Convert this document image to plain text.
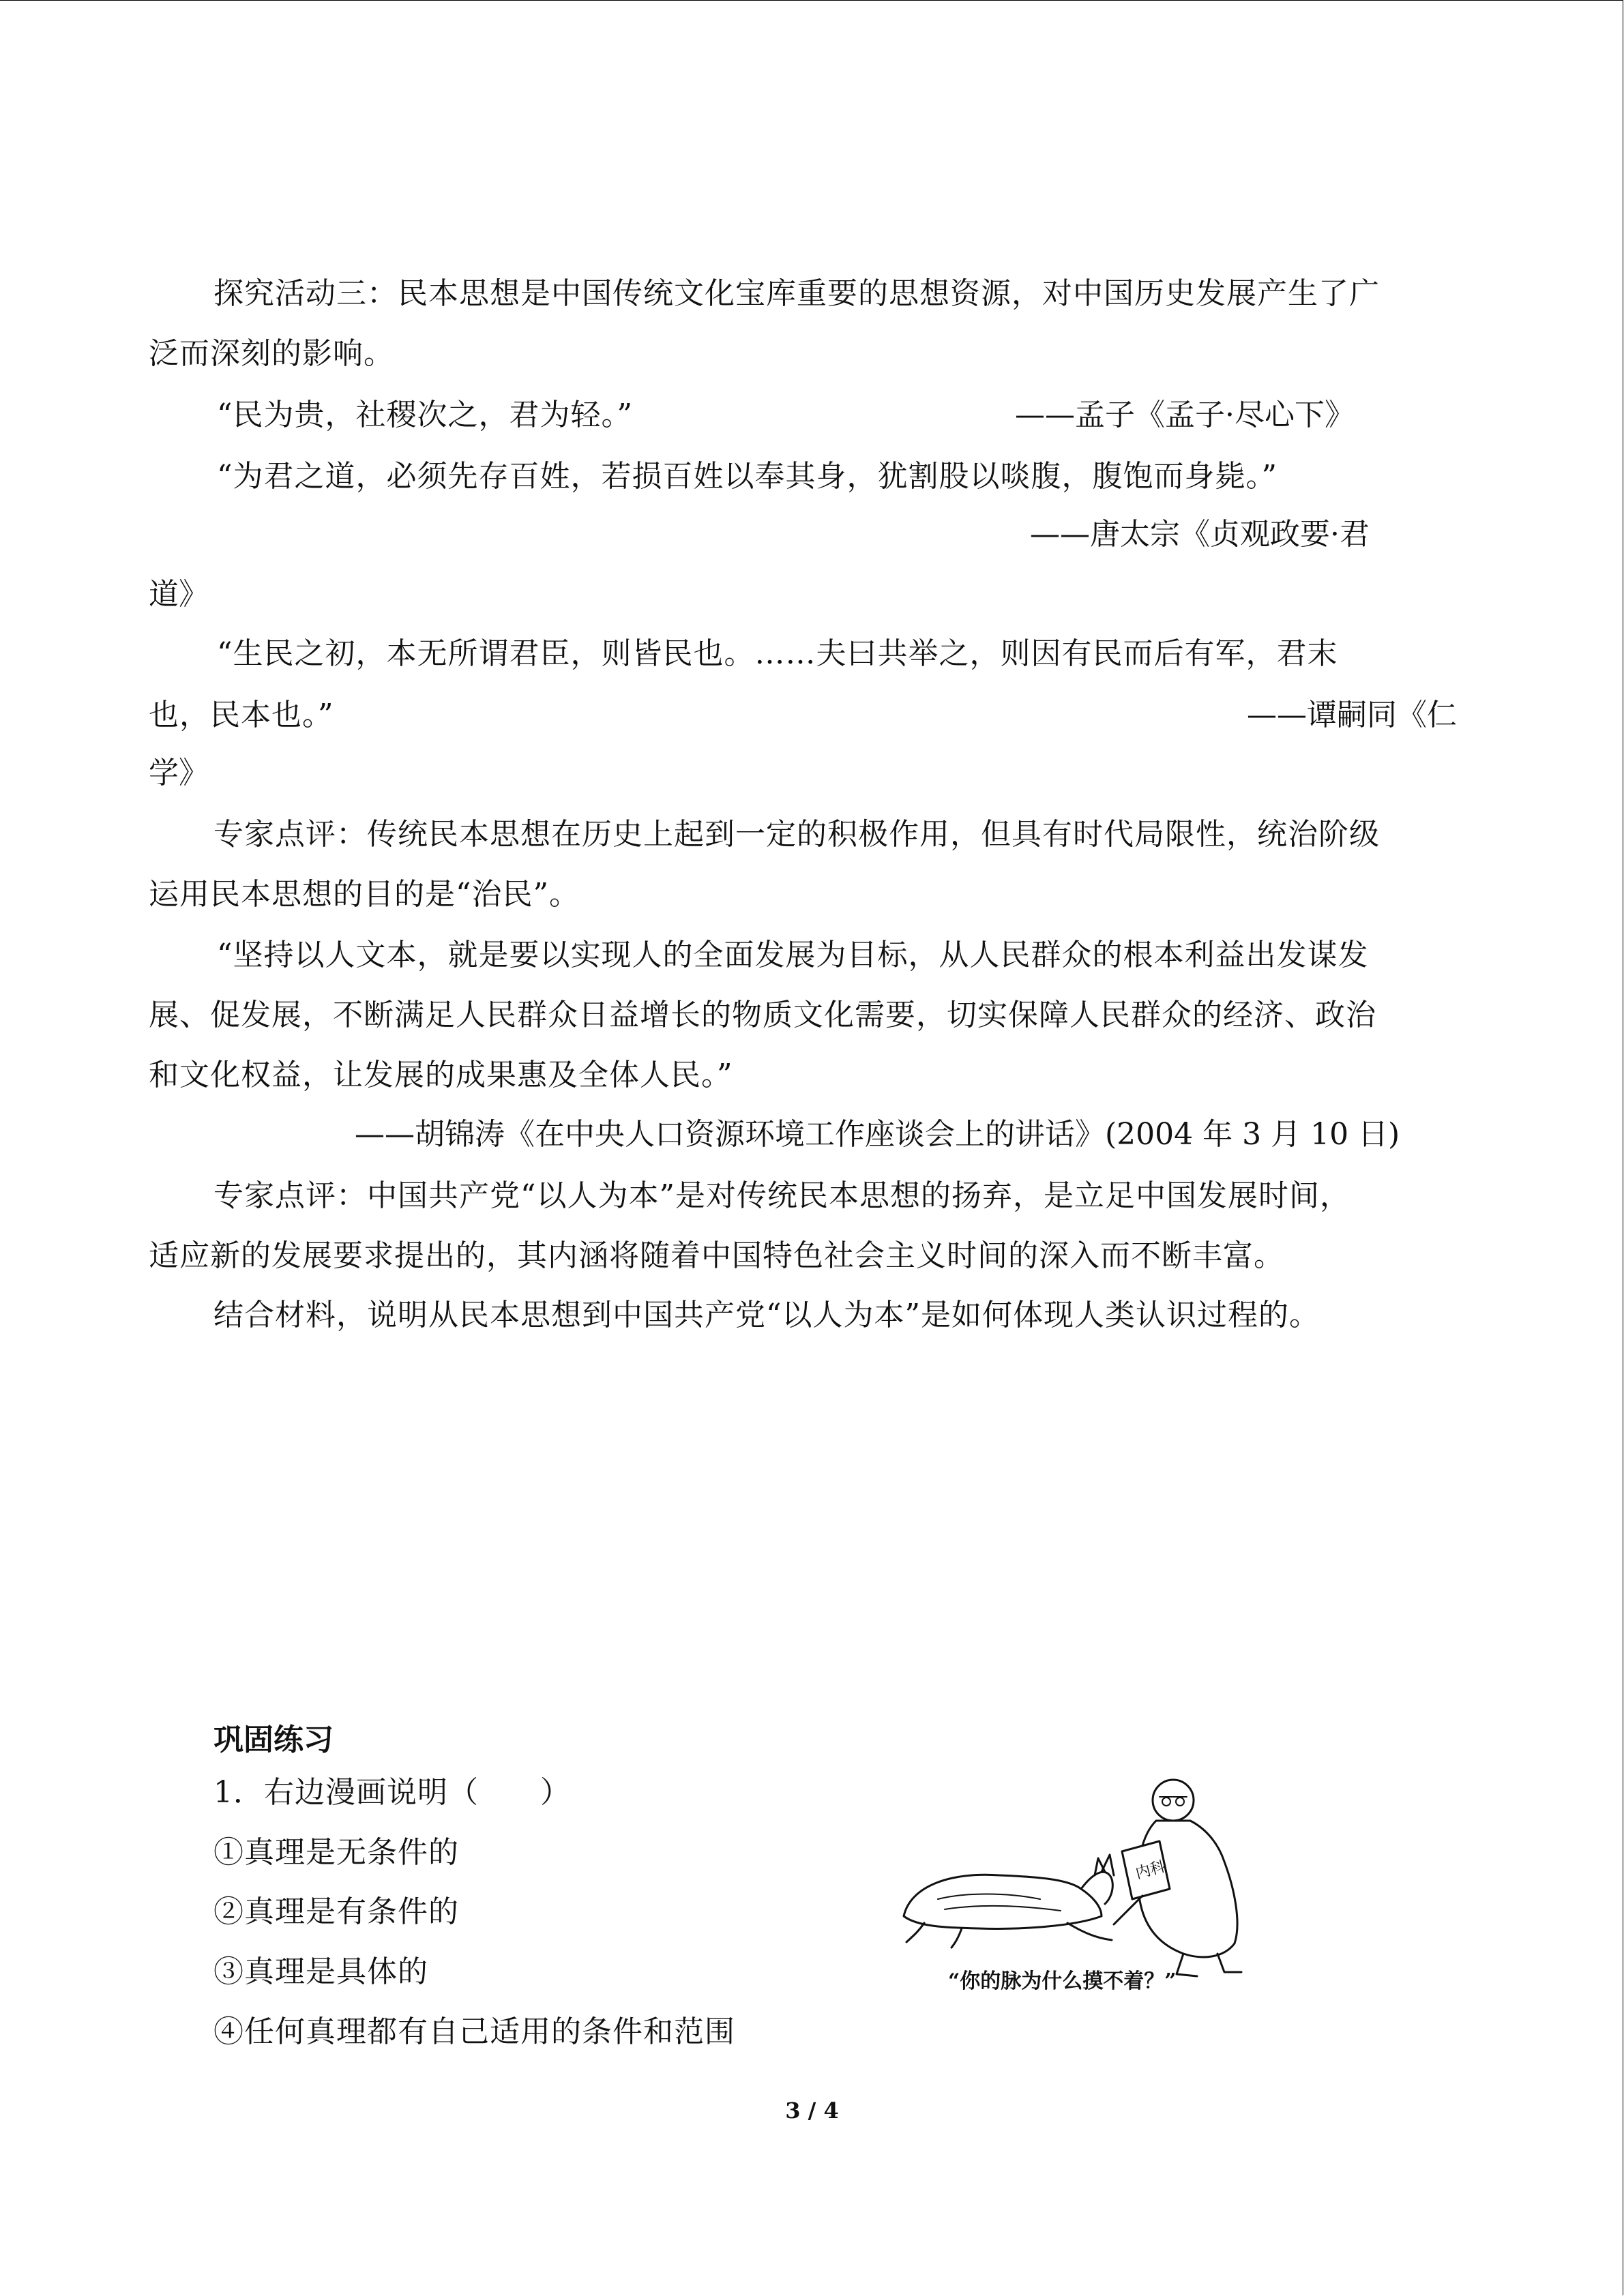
探究活动三：民本思想是中国传统文化宝库重要的思想资源，对中国历史发展产生了广

泛而深刻的影响。

“民为贵，社稷次之，君为轻。”	——孟子《孟子·尽心下》

“为君之道，必须先存百姓，若损百姓以奉其身，犹割股以啖腹，腹饱而身毙。”

——唐太宗《贞观政要·君
道》

“生民之初，本无所谓君臣，则皆民也。……夫曰共举之，则因有民而后有军，君末

也，民本也。”	——谭嗣同《仁
学》

专家点评：传统民本思想在历史上起到一定的积极作用，但具有时代局限性，统治阶级

运用民本思想的目的是“治民”。

“坚持以人文本，就是要以实现人的全面发展为目标，从人民群众的根本利益出发谋发

展、促发展，不断满足人民群众日益增长的物质文化需要，切实保障人民群众的经济、政治

和文化权益，让发展的成果惠及全体人民。”

——胡锦涛《在中央人口资源环境工作座谈会上的讲话》(2004 年 3 月 10 日)

专家点评：中国共产党“以人为本”是对传统民本思想的扬弃，是立足中国发展时间，

适应新的发展要求提出的，其内涵将随着中国特色社会主义时间的深入而不断丰富。

结合材料，说明从民本思想到中国共产党“以人为本”是如何体现人类认识过程的。

巩固练习

1．右边漫画说明（　　）

①真理是无条件的

②真理是有条件的

③真理是具体的

④任何真理都有自己适用的条件和范围

内科
“你的脉为什么摸不着？”
3 / 4
